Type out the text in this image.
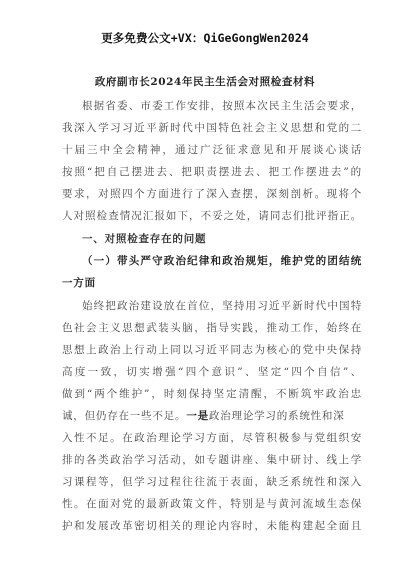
更多免费公文+VX：QiGeGongWen2024
政府副市长2024年民主生活会对照检查材料
根据省委、市委工作安排，按照本次民主生活会要求，
我深入学习习近平新时代中国特色社会主义思想和党的二
十届三中全会精神，通过广泛征求意见和开展谈心谈话
按照“把自己摆进去、把职责摆进去、把工作摆进去”的
要求，对照四个方面进行了深入查摆，深刻剖析。现将个
人对照检查情况汇报如下，不妥之处，请同志们批评指正。
一、对照检查存在的问题
（一）带头严守政治纪律和政治规矩，维护党的团结统
一方面
始终把政治建设放在首位，坚持用习近平新时代中国特
色社会主义思想武装头脑，指导实践，推动工作，始终在
思想上政治上行动上同以习近平同志为核心的党中央保持
高度一致，切实增强“四个意识”、坚定“四个自信”、
做到“两个维护”，时刻保持坚定清醒，不断筑牢政治忠
诚，但仍存在一些不足。一是政治理论学习的系统性和深
入性不足。在政治理论学习方面，尽管积极参与党组织安
排的各类政治学习活动，如专题讲座、集中研讨、线上学
习课程等，但学习过程往往流于表面，缺乏系统性和深入
性。在面对党的最新政策文件，特别是与黄河流域生态保
护和发展改革密切相关的理论内容时，未能构建起全面且
